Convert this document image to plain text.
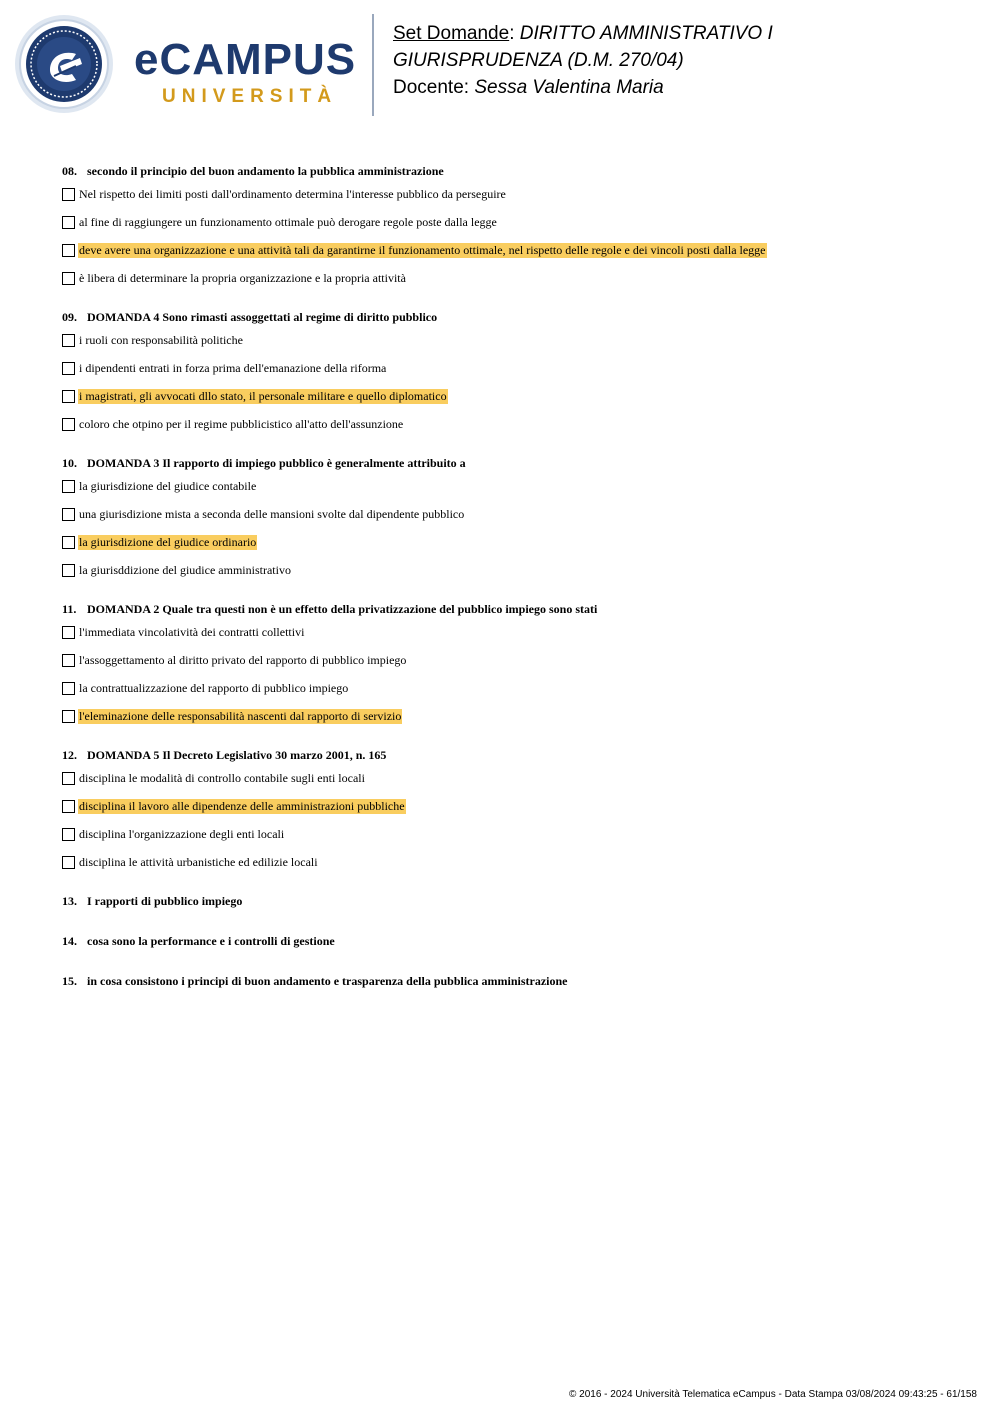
eCAMPUS
UNIVERSITÀ
Set Domande: DIRITTO AMMINISTRATIVO I
GIURISPRUDENZA (D.M. 270/04)
Docente: Sessa Valentina Maria
08. secondo il principio del buon andamento la pubblica amministrazione
Nel rispetto dei limiti posti dall'ordinamento determina l'interesse pubblico da perseguire
al fine di raggiungere un funzionamento ottimale può derogare regole poste dalla legge
deve avere una organizzazione e una attività tali da garantirne il funzionamento ottimale, nel rispetto delle regole e dei vincoli posti dalla legge
è libera di determinare la propria organizzazione e la propria attività
09. DOMANDA 4 Sono rimasti assoggettati al regime di diritto pubblico
i ruoli con responsabilità politiche
i dipendenti entrati in forza prima dell'emanazione della riforma
i magistrati, gli avvocati dllo stato, il personale militare e quello diplomatico
coloro che otpino per il regime pubblicistico all'atto dell'assunzione
10. DOMANDA 3 Il rapporto di impiego pubblico è generalmente attribuito a
la giurisdizione del giudice contabile
una giurisdizione mista a seconda delle mansioni svolte dal dipendente pubblico
la giurisdizione del giudice ordinario
la giurisddizione del giudice amministrativo
11. DOMANDA 2 Quale tra questi non è un effetto della privatizzazione del pubblico impiego sono stati
l'immediata vincolatività dei contratti collettivi
l'assoggettamento al diritto privato del rapporto di pubblico impiego
la contrattualizzazione del rapporto di pubblico impiego
l'eleminazione delle responsabilità nascenti dal rapporto di servizio
12. DOMANDA 5 Il Decreto Legislativo 30 marzo 2001, n. 165
disciplina le modalità di controllo contabile sugli enti locali
disciplina il lavoro alle dipendenze delle amministrazioni pubbliche
disciplina l'organizzazione degli enti locali
disciplina le attività urbanistiche ed edilizie locali
13. I rapporti di pubblico impiego
14. cosa sono la performance e i controlli di gestione
15. in cosa consistono i principi di buon andamento e trasparenza della pubblica amministrazione
© 2016 - 2024 Università Telematica eCampus - Data Stampa 03/08/2024 09:43:25 - 61/158
